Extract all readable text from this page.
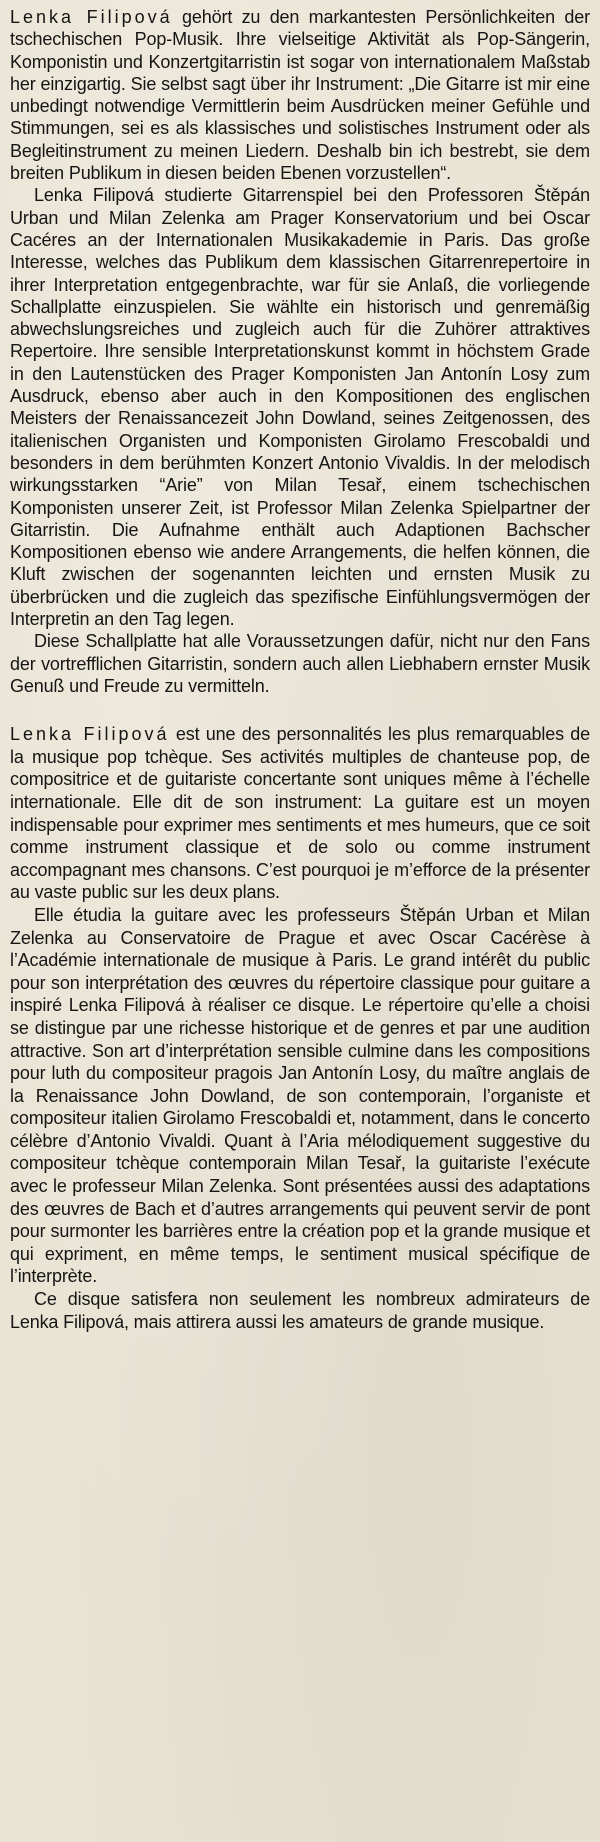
Lenka Filipová gehört zu den markantesten Persönlichkeiten der tschechischen Pop-Musik. Ihre vielseitige Aktivität als Pop-Sängerin, Komponistin und Konzertgitarristin ist sogar von internationalem Maßstab her einzigartig. Sie selbst sagt über ihr Instrument: „Die Gitarre ist mir eine unbedingt notwendige Vermittlerin beim Ausdrücken meiner Gefühle und Stimmungen, sei es als klassisches und solistisches Instrument oder als Begleitinstrument zu meinen Liedern. Deshalb bin ich bestrebt, sie dem breiten Publikum in diesen beiden Ebenen vorzustellen“.

Lenka Filipová studierte Gitarrenspiel bei den Professoren Štěpán Urban und Milan Zelenka am Prager Konservatorium und bei Oscar Cacéres an der Internationalen Musikakademie in Paris. Das große Interesse, welches das Publikum dem klassischen Gitarrenrepertoire in ihrer Interpretation entgegenbrachte, war für sie Anlaß, die vorliegende Schallplatte einzuspielen. Sie wählte ein historisch und genremäßig abwechslungsreiches und zugleich auch für die Zuhörer attraktives Repertoire. Ihre sensible Interpretationskunst kommt in höchstem Grade in den Lautenstücken des Prager Komponisten Jan Antonín Losy zum Ausdruck, ebenso aber auch in den Kompositionen des englischen Meisters der Renaissancezeit John Dowland, seines Zeitgenossen, des italienischen Organisten und Komponisten Girolamo Frescobaldi und besonders in dem berühmten Konzert Antonio Vivaldis. In der melodisch wirkungsstarken “Arie” von Milan Tesař, einem tschechischen Komponisten unserer Zeit, ist Professor Milan Zelenka Spielpartner der Gitarristin. Die Aufnahme enthält auch Adaptionen Bachscher Kompositionen ebenso wie andere Arrangements, die helfen können, die Kluft zwischen der sogenannten leichten und ernsten Musik zu überbrücken und die zugleich das spezifische Einfühlungsvermögen der Interpretin an den Tag legen.

Diese Schallplatte hat alle Voraussetzungen dafür, nicht nur den Fans der vortrefflichen Gitarristin, sondern auch allen Liebhabern ernster Musik Genuß und Freude zu vermitteln.

Lenka Filipová est une des personnalités les plus remarquables de la musique pop tchèque. Ses activités multiples de chanteuse pop, de compositrice et de guitariste concertante sont uniques même à l’échelle internationale. Elle dit de son instrument: La guitare est un moyen indispensable pour exprimer mes sentiments et mes humeurs, que ce soit comme instrument classique et de solo ou comme instrument accompagnant mes chansons. C’est pourquoi je m’efforce de la présenter au vaste public sur les deux plans.

Elle étudia la guitare avec les professeurs Štěpán Urban et Milan Zelenka au Conservatoire de Prague et avec Oscar Cacérèse à l’Académie internationale de musique à Paris. Le grand intérêt du public pour son interprétation des œuvres du répertoire classique pour guitare a inspiré Lenka Filipová à réaliser ce disque. Le répertoire qu’elle a choisi se distingue par une richesse historique et de genres et par une audition attractive. Son art d’interprétation sensible culmine dans les compositions pour luth du compositeur pragois Jan Antonín Losy, du maître anglais de la Renaissance John Dowland, de son contemporain, l’organiste et compositeur italien Girolamo Frescobaldi et, notamment, dans le concerto célèbre d’Antonio Vivaldi. Quant à l’Aria mélodiquement suggestive du compositeur tchèque contemporain Milan Tesař, la guitariste l’exécute avec le professeur Milan Zelenka. Sont présentées aussi des adaptations des œuvres de Bach et d’autres arrangements qui peuvent servir de pont pour surmonter les barrières entre la création pop et la grande musique et qui expriment, en même temps, le sentiment musical spécifique de l’interprète.

Ce disque satisfera non seulement les nombreux admirateurs de Lenka Filipová, mais attirera aussi les amateurs de grande musique.
